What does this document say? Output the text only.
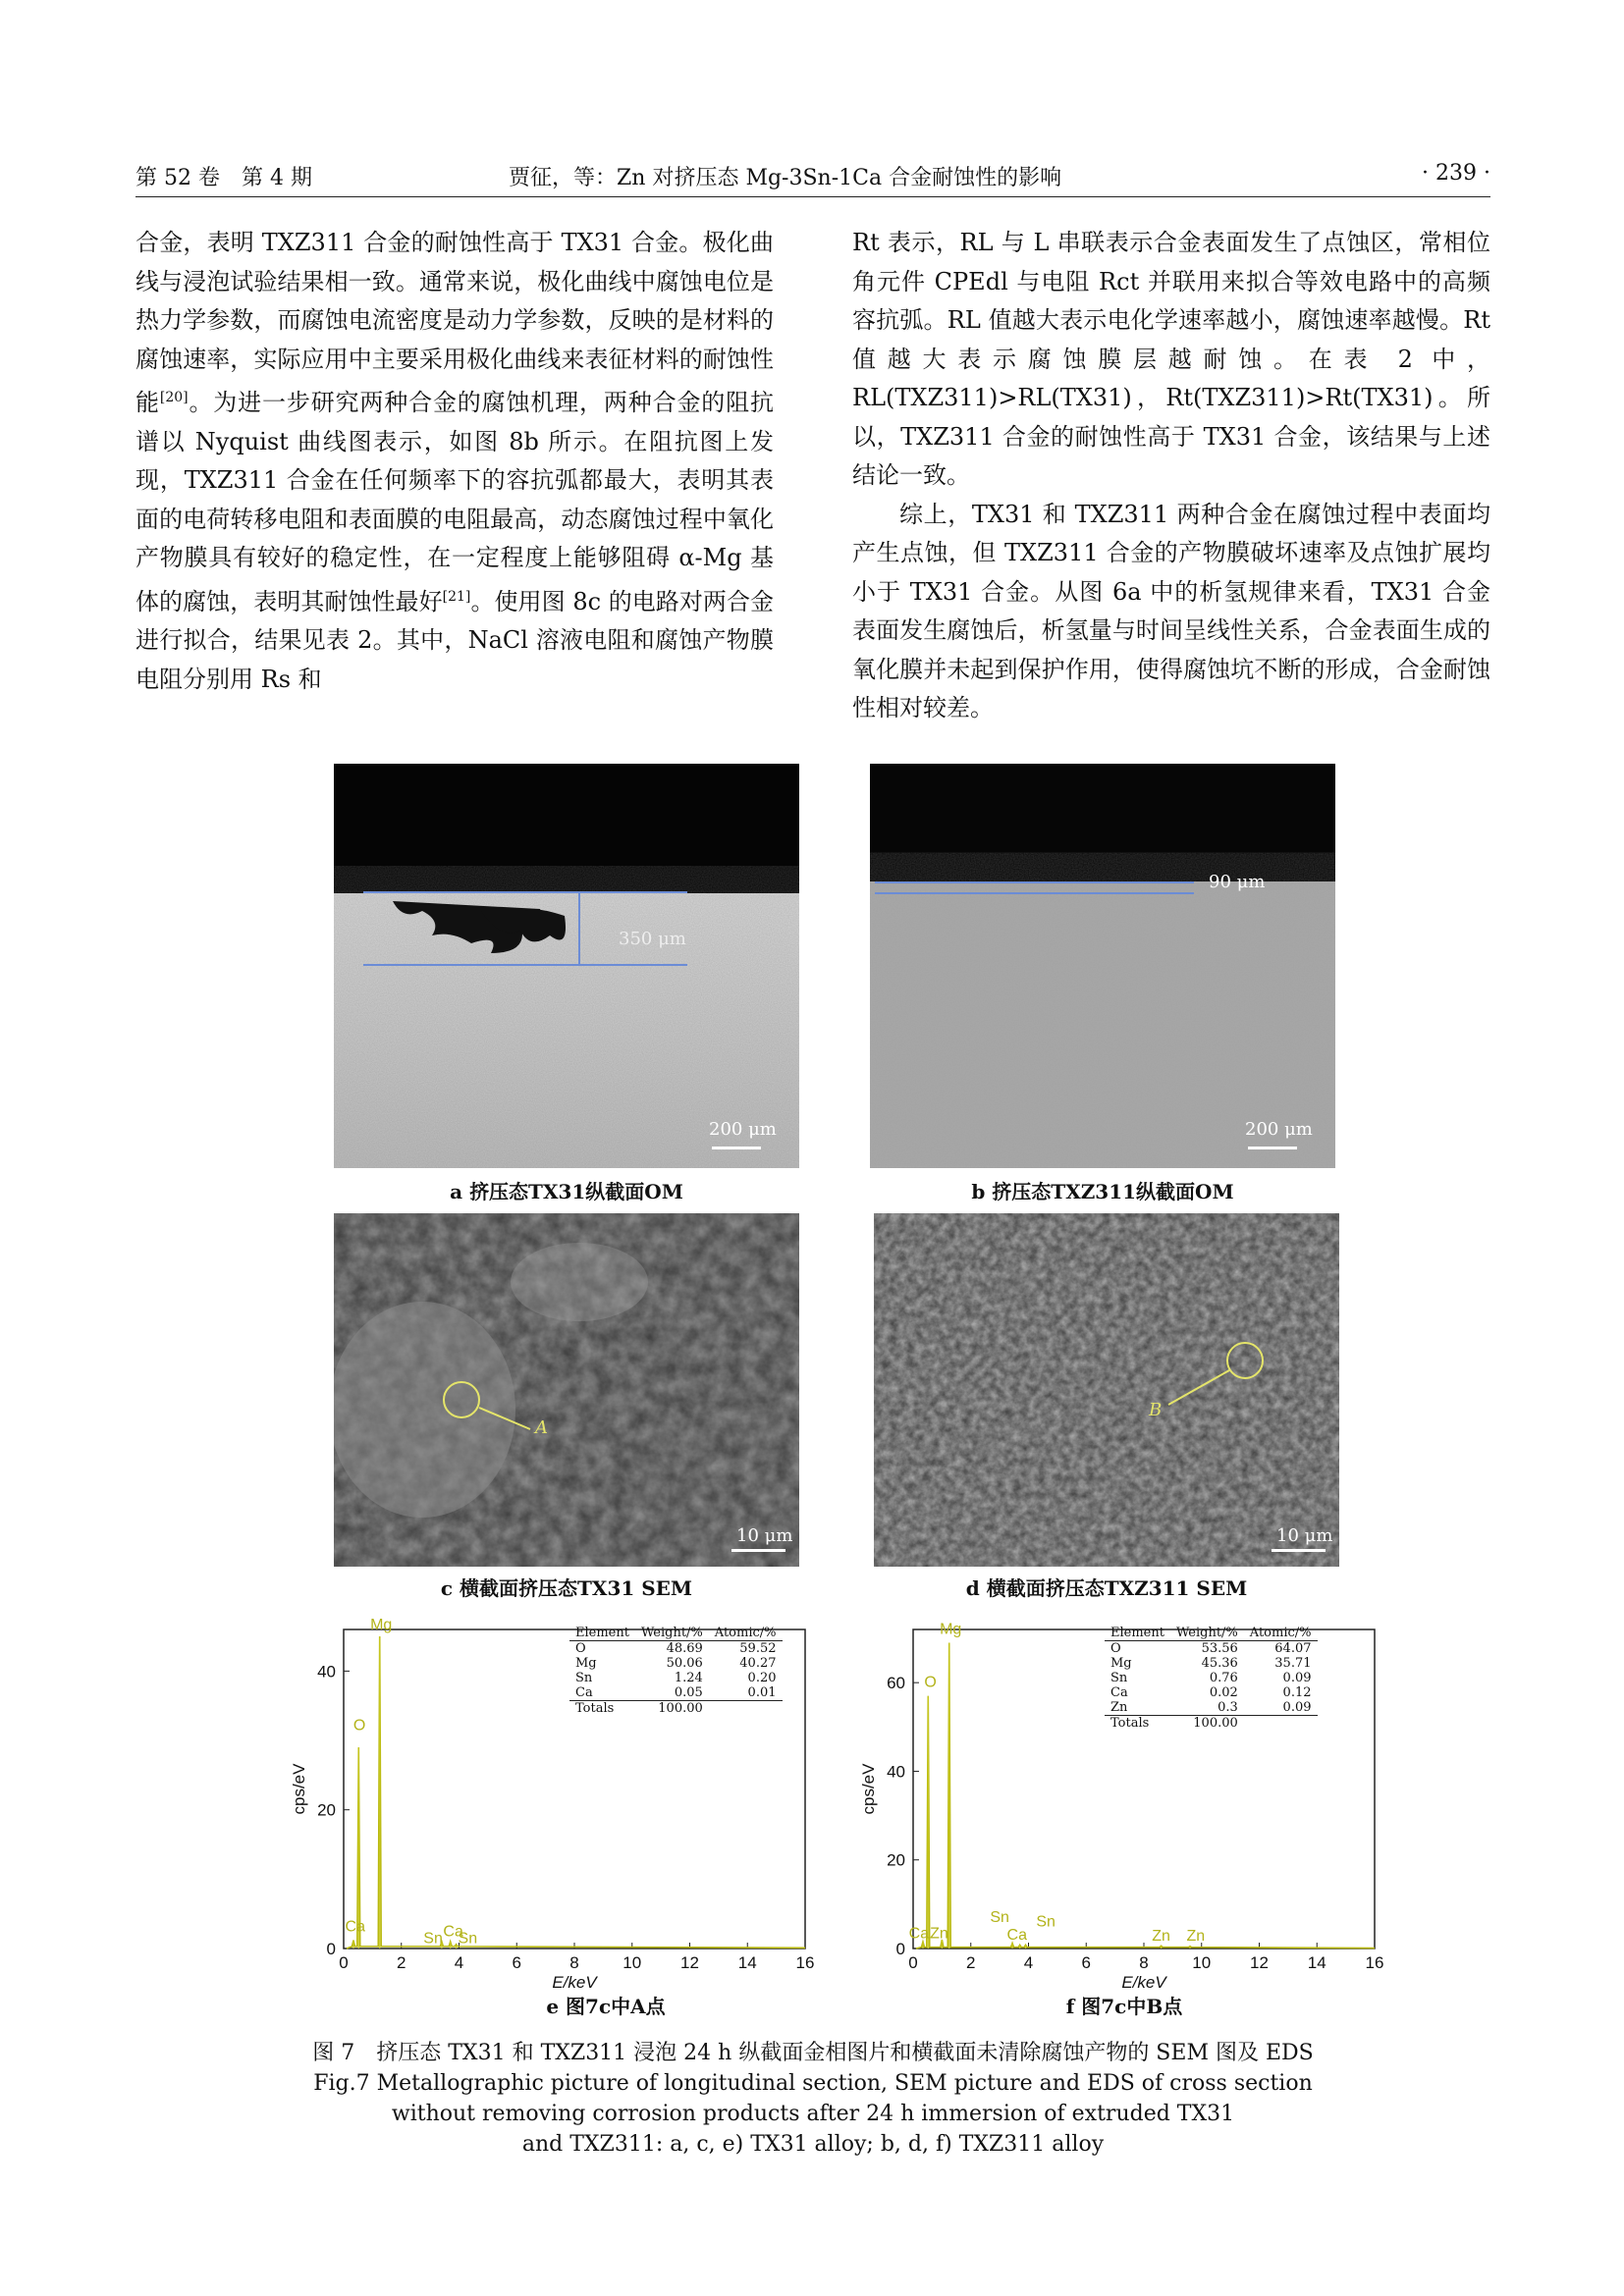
第 52 卷　第 4 期	贾征，等：Zn 对挤压态 Mg-3Sn-1Ca 合金耐蚀性的影响	· 239 ·

合金，表明 TXZ311 合金的耐蚀性高于 TX31 合金。极化曲线与浸泡试验结果相一致。通常来说，极化曲线中腐蚀电位是热力学参数，而腐蚀电流密度是动力学参数，反映的是材料的腐蚀速率，实际应用中主要采用极化曲线来表征材料的耐蚀性能[20]。为进一步研究两种合金的腐蚀机理，两种合金的阻抗谱以 Nyquist 曲线图表示，如图 8b 所示。在阻抗图上发现，TXZ311 合金在任何频率下的容抗弧都最大，表明其表面的电荷转移电阻和表面膜的电阻最高，动态腐蚀过程中氧化产物膜具有较好的稳定性，在一定程度上能够阻碍 α-Mg 基体的腐蚀，表明其耐蚀性最好[21]。使用图 8c 的电路对两合金进行拟合，结果见表 2。其中，NaCl 溶液电阻和腐蚀产物膜电阻分别用 Rs 和

Rt 表示，RL 与 L 串联表示合金表面发生了点蚀区，常相位角元件 CPEdl 与电阻 Rct 并联用来拟合等效电路中的高频容抗弧。RL 值越大表示电化学速率越小，腐蚀速率越慢。Rt 值越大表示腐蚀膜层越耐蚀。在表 2 中，RL(TXZ311)>RL(TX31)，Rt(TXZ311)>Rt(TX31)。所以，TXZ311 合金的耐蚀性高于 TX31 合金，该结果与上述结论一致。

综上，TX31 和 TXZ311 两种合金在腐蚀过程中表面均产生点蚀，但 TXZ311 合金的产物膜破坏速率及点蚀扩展均小于 TX31 合金。从图 6a 中的析氢规律来看，TX31 合金表面发生腐蚀后，析氢量与时间呈线性关系，合金表面生成的氧化膜并未起到保护作用，使得腐蚀坑不断的形成，合金耐蚀性相对较差。

350 μm
200 μm
a 挤压态TX31纵截面OM
90 μm
200 μm
b 挤压态TXZ311纵截面OM
A
10 μm
c 横截面挤压态TX31 SEM
B
10 μm
d 横截面挤压态TXZ311 SEM
0	2	4	6	8	10 12 14 16
0
20
40
E/keV
cps/eV
Mg
O
Ca
Sn Ca
Sn
Element	Weight/%	Atomic/%
O	48.69	59.52
Mg	50.06	40.27
Sn	1.24	0.20
Ca	0.05	0.01
Totals	100.00	
e 图7c中A点
0	2	4	6	8	10 12 14 16
0
20
40
60
E/keV
cps/eV
Mg
O
Ca Zn
Sn
Ca
Sn
Zn Zn
Element	Weight/%	Atomic/%
O	53.56	64.07
Mg	45.36	35.71
Sn	0.76	0.09
Ca	0.02	0.12
Zn	0.3	0.09
Totals	100.00	
f 图7c中B点
图 7　挤压态 TX31 和 TXZ311 浸泡 24 h 纵截面金相图片和横截面未清除腐蚀产物的 SEM 图及 EDS
Fig.7 Metallographic picture of longitudinal section, SEM picture and EDS of cross section
without removing corrosion products after 24 h immersion of extruded TX31
and TXZ311: a, c, e) TX31 alloy; b, d, f) TXZ311 alloy
